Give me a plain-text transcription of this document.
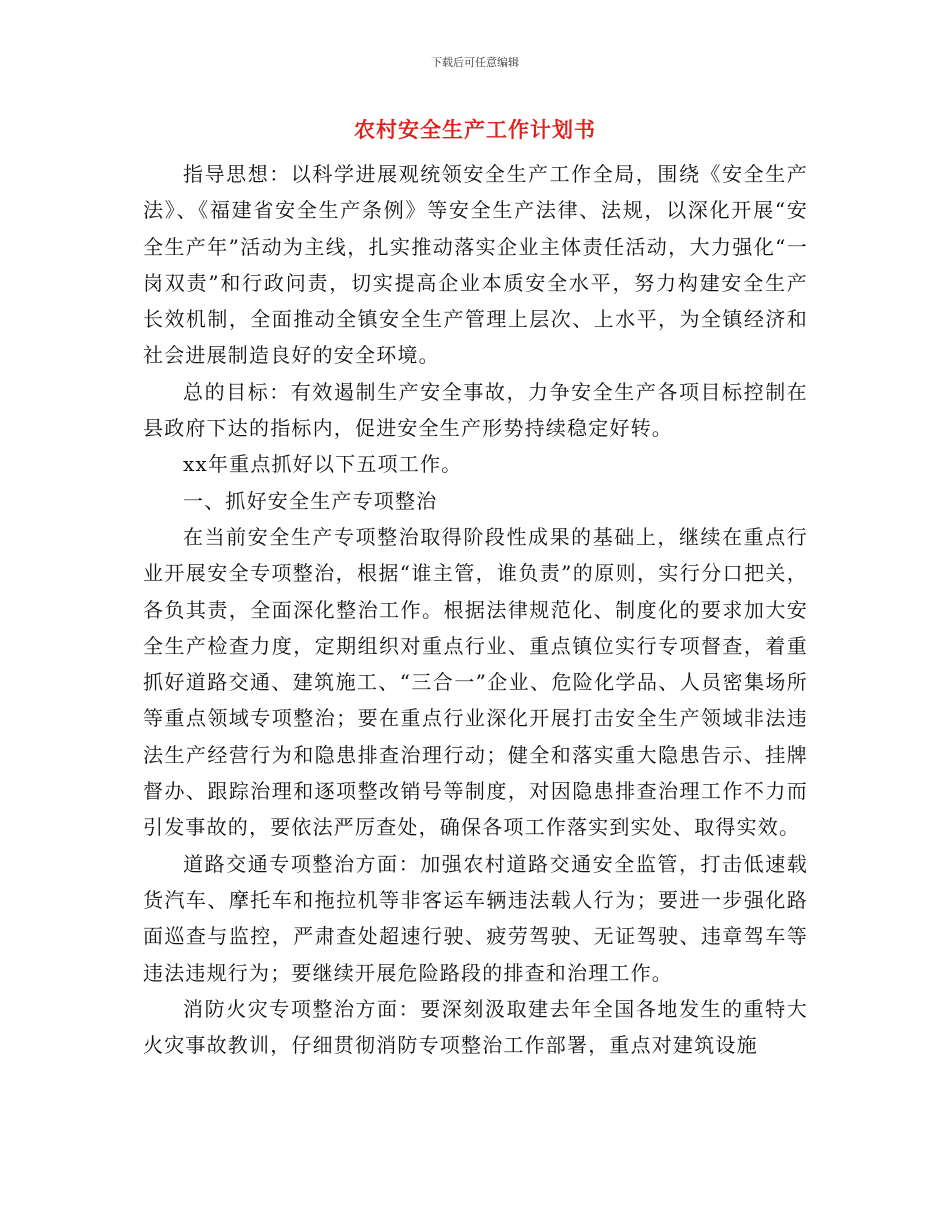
下载后可任意编辑
农村安全生产工作计划书

指导思想：以科学进展观统领安全生产工作全局，围绕《安全生产法》、《福建省安全生产条例》等安全生产法律、法规，以深化开展“安全生产年”活动为主线，扎实推动落实企业主体责任活动，大力强化“一岗双责”和行政问责，切实提高企业本质安全水平，努力构建安全生产长效机制，全面推动全镇安全生产管理上层次、上水平，为全镇经济和社会进展制造良好的安全环境。

总的目标：有效遏制生产安全事故，力争安全生产各项目标控制在县政府下达的指标内，促进安全生产形势持续稳定好转。

xx年重点抓好以下五项工作。

一、抓好安全生产专项整治

在当前安全生产专项整治取得阶段性成果的基础上，继续在重点行业开展安全专项整治，根据“谁主管，谁负责”的原则，实行分口把关，各负其责，全面深化整治工作。根据法律规范化、制度化的要求加大安全生产检查力度，定期组织对重点行业、重点镇位实行专项督查，着重抓好道路交通、建筑施工、“三合一”企业、危险化学品、人员密集场所等重点领域专项整治；要在重点行业深化开展打击安全生产领域非法违法生产经营行为和隐患排查治理行动；健全和落实重大隐患告示、挂牌督办、跟踪治理和逐项整改销号等制度，对因隐患排查治理工作不力而引发事故的，要依法严厉查处，确保各项工作落实到实处、取得实效。

道路交通专项整治方面：加强农村道路交通安全监管，打击低速载货汽车、摩托车和拖拉机等非客运车辆违法载人行为；要进一步强化路面巡查与监控，严肃查处超速行驶、疲劳驾驶、无证驾驶、违章驾车等违法违规行为；要继续开展危险路段的排查和治理工作。

消防火灾专项整治方面：要深刻汲取建去年全国各地发生的重特大火灾事故教训，仔细贯彻消防专项整治工作部署，重点对建筑设施
